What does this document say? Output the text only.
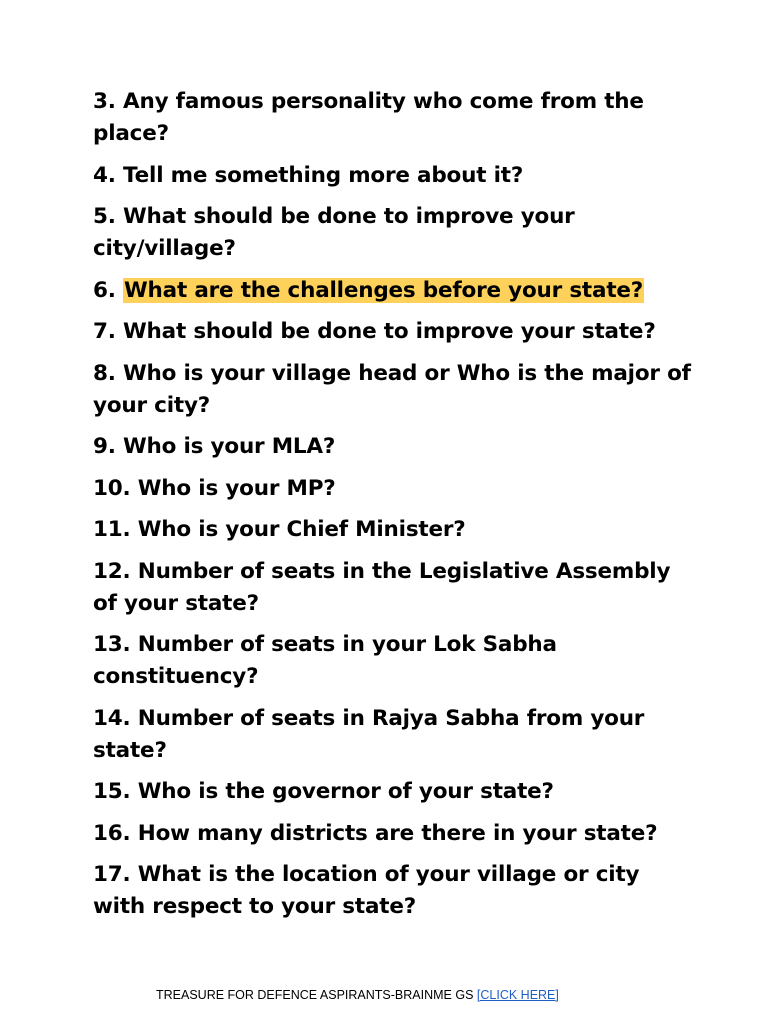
3. Any famous personality who come from the place?
4. Tell me something more about it?
5. What should be done to improve your city/village?
6. What are the challenges before your state?
7. What should be done to improve your state?
8. Who is your village head or Who is the major of your city?
9. Who is your MLA?
10. Who is your MP?
11. Who is your Chief Minister?
12. Number of seats in the Legislative Assembly of your state?
13. Number of seats in your Lok Sabha constituency?
14. Number of seats in Rajya Sabha from your state?
15. Who is the governor of your state?
16. How many districts are there in your state?
17. What is the location of your village or city with respect to your state?
TREASURE FOR DEFENCE ASPIRANTS-BRAINME GS [CLICK HERE]
